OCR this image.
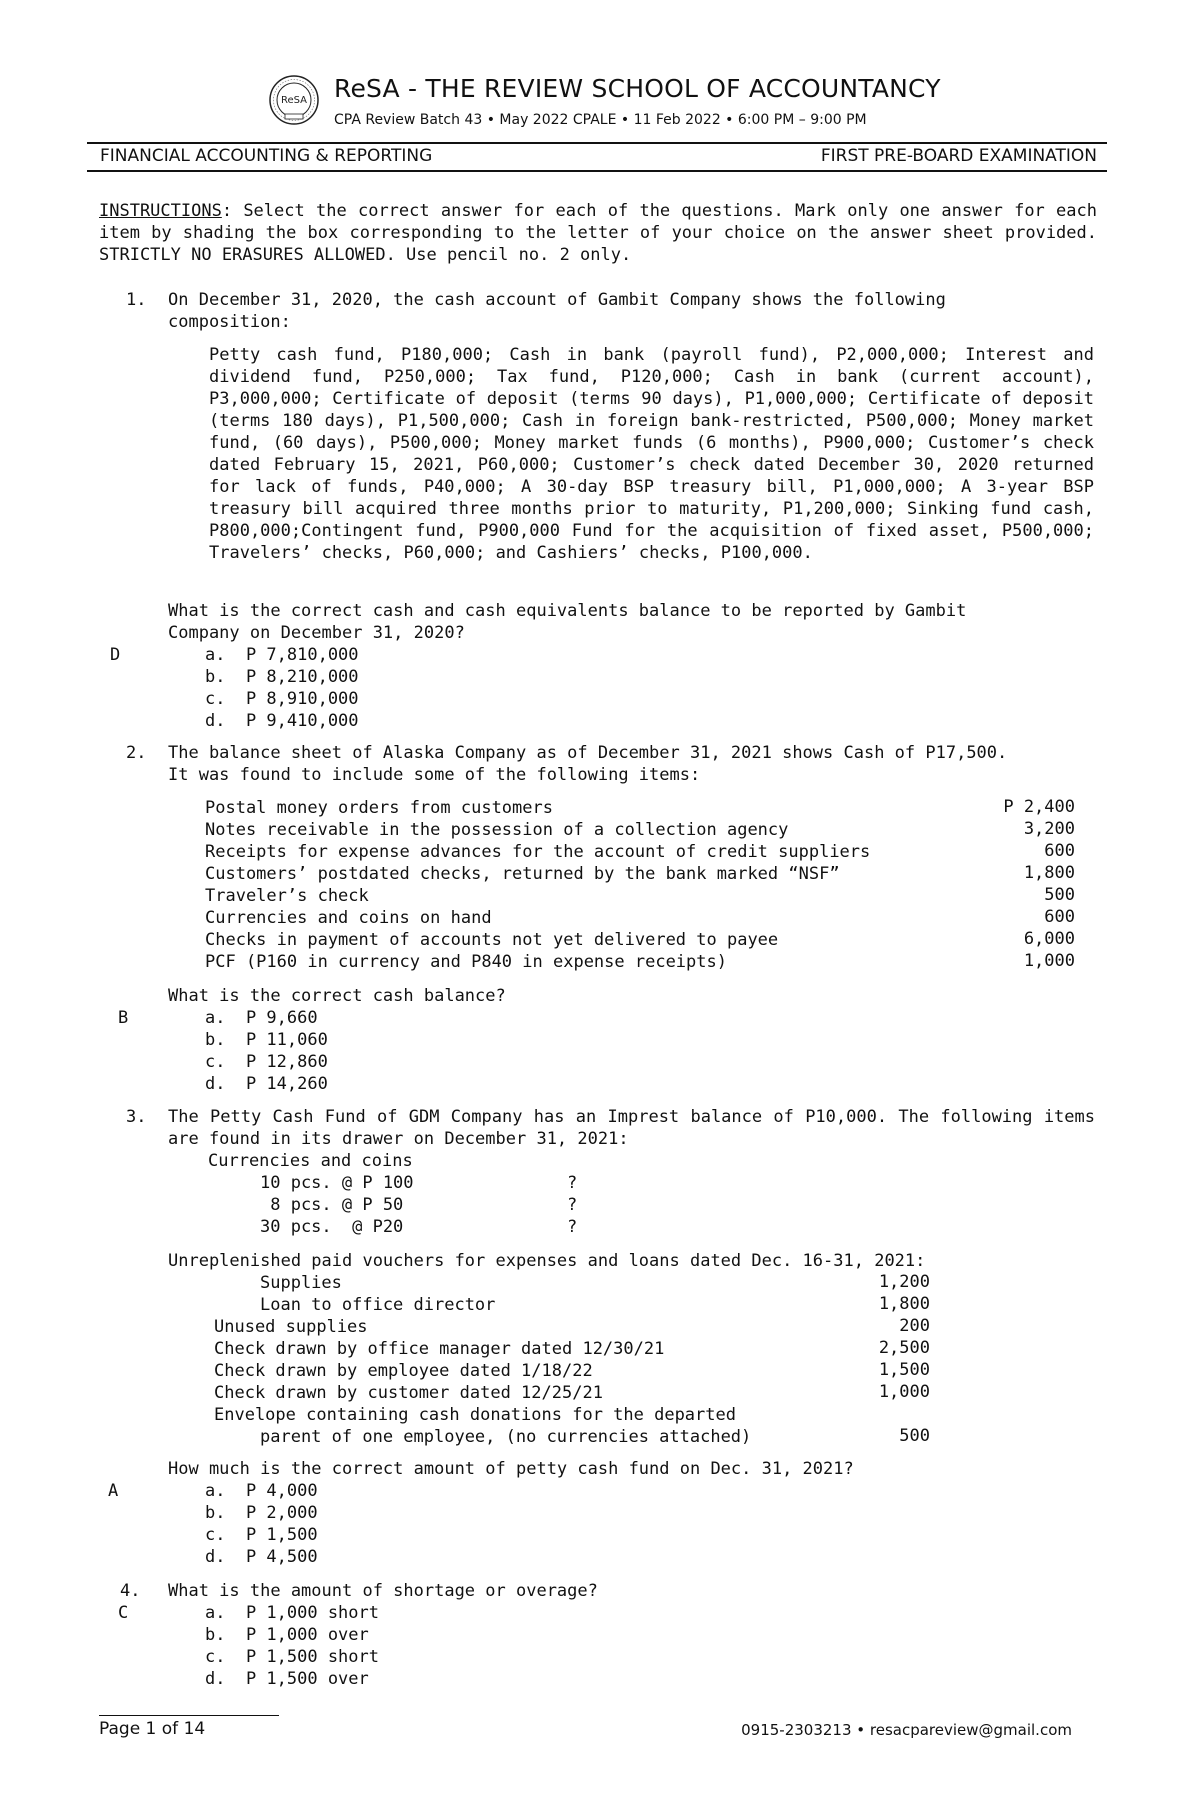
ReSA ReSA - THE REVIEW SCHOOL OF ACCOUNTANCY
CPA Review Batch 43 • May 2022 CPALE • 11 Feb 2022 • 6:00 PM – 9:00 PM
FINANCIAL ACCOUNTING & REPORTING	FIRST PRE-BOARD EXAMINATION
INSTRUCTIONS: Select the correct answer for each of the questions. Mark only one answer for each item by shading the box corresponding to the letter of your choice on the answer sheet provided. STRICTLY NO ERASURES ALLOWED. Use pencil no. 2 only.
1. On December 31, 2020, the cash account of Gambit Company shows the following
composition:
Petty cash fund, P180,000; Cash in bank (payroll fund), P2,000,000; Interest and dividend fund, P250,000; Tax fund, P120,000; Cash in bank (current account), P3,000,000; Certificate of deposit (terms 90 days), P1,000,000; Certificate of deposit (terms 180 days), P1,500,000; Cash in foreign bank-restricted, P500,000; Money market fund, (60 days), P500,000; Money market funds (6 months), P900,000; Customer’s check dated February 15, 2021, P60,000; Customer’s check dated December 30, 2020 returned for lack of funds, P40,000; A 30-day BSP treasury bill, P1,000,000; A 3-year BSP treasury bill acquired three months prior to maturity, P1,200,000; Sinking fund cash, P800,000;Contingent fund, P900,000 Fund for the acquisition of fixed asset, P500,000; Travelers’ checks, P60,000; and Cashiers’ checks, P100,000.
What is the correct cash and cash equivalents balance to be reported by Gambit
Company on December 31, 2020?
D	a.  P 7,810,000
b.  P 8,210,000
c.  P 8,910,000
d.  P 9,410,000
2. The balance sheet of Alaska Company as of December 31, 2021 shows Cash of P17,500.
It was found to include some of the following items:
Postal money orders from customers	P 2,400
Notes receivable in the possession of a collection agency	3,200
Receipts for expense advances for the account of credit suppliers	600
Customers’ postdated checks, returned by the bank marked “NSF”	1,800
Traveler’s check	500
Currencies and coins on hand	600
Checks in payment of accounts not yet delivered to payee	6,000
PCF (P160 in currency and P840 in expense receipts)	1,000
What is the correct cash balance?
B	a.  P 9,660
b.  P 11,060
c.  P 12,860
d.  P 14,260
3. The Petty Cash Fund of GDM Company has an Imprest balance of P10,000. The following items are found in its drawer on December 31, 2021:
Currencies and coins
10 pcs. @ P 100	?
8 pcs. @ P 50	?
30 pcs.  @ P20	?
Unreplenished paid vouchers for expenses and loans dated Dec. 16-31, 2021:
Supplies	1,200
Loan to office director	1,800
Unused supplies	200
Check drawn by office manager dated 12/30/21	2,500
Check drawn by employee dated 1/18/22	1,500
Check drawn by customer dated 12/25/21	1,000
Envelope containing cash donations for the departed
parent of one employee, (no currencies attached)	500
How much is the correct amount of petty cash fund on Dec. 31, 2021?
A	a.  P 4,000
b.  P 2,000
c.  P 1,500
d.  P 4,500
4. What is the amount of shortage or overage?
C	a.  P 1,000 short
b.  P 1,000 over
c.  P 1,500 short
d.  P 1,500 over
Page 1 of 14	0915-2303213 • resacpareview@gmail.com
